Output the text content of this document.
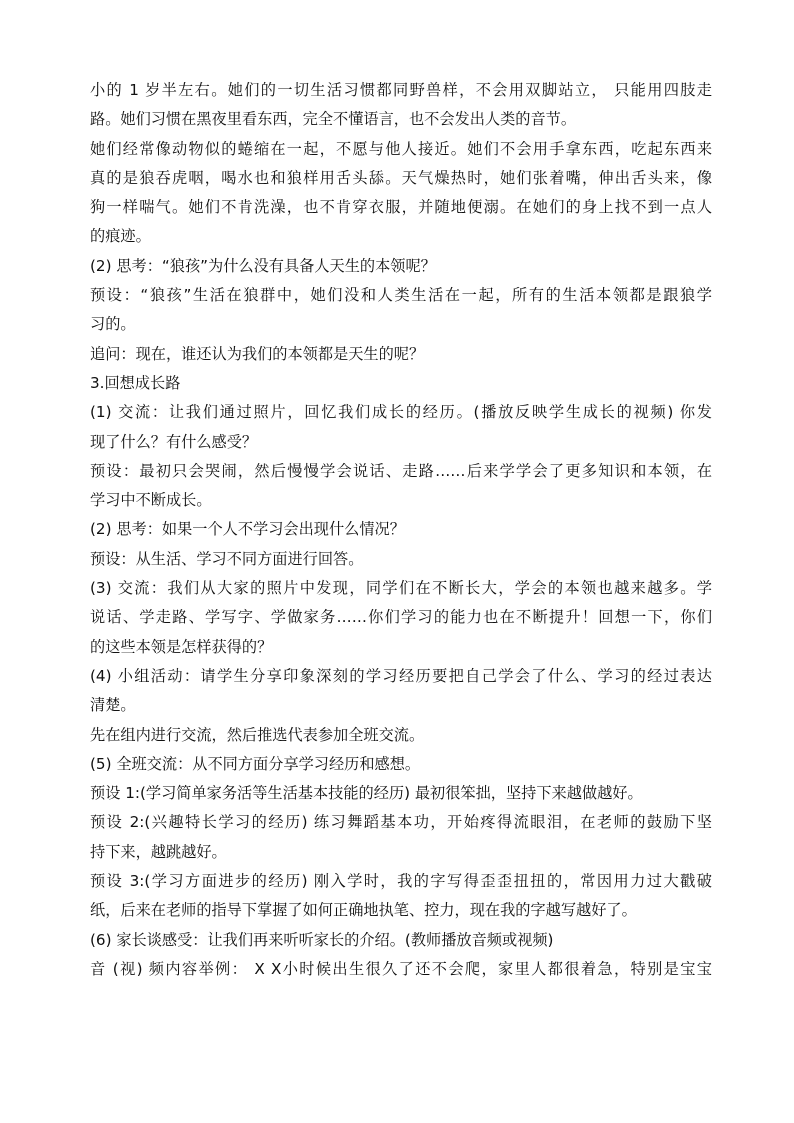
小的 1 岁半左右。她们的一切生活习惯都同野兽样，不会用双脚站立， 只能用四肢走
路。她们习惯在黑夜里看东西，完全不懂语言，也不会发出人类的音节。
她们经常像动物似的蜷缩在一起，不愿与他人接近。她们不会用手拿东西，吃起东西来
真的是狼吞虎咽，喝水也和狼样用舌头舔。天气燥热时，她们张着嘴，伸出舌头来，像
狗一样喘气。她们不肯洗澡，也不肯穿衣服，并随地便溺。在她们的身上找不到一点人
的痕迹。
(2) 思考：“狼孩”为什么没有具备人天生的本领呢？
预设：“狼孩”生活在狼群中，她们没和人类生活在一起，所有的生活本领都是跟狼学
习的。
追问：现在，谁还认为我们的本领都是天生的呢？
3.回想成长路
(1) 交流：让我们通过照片，回忆我们成长的经历。(播放反映学生成长的视频) 你发
现了什么？有什么感受？
预设：最初只会哭闹，然后慢慢学会说话、走路……后来学学会了更多知识和本领，在
学习中不断成长。
(2) 思考：如果一个人不学习会出现什么情况？
预设：从生活、学习不同方面进行回答。
(3) 交流：我们从大家的照片中发现，同学们在不断长大，学会的本领也越来越多。学
说话、学走路、学写字、学做家务……你们学习的能力也在不断提升！回想一下，你们
的这些本领是怎样获得的？
(4) 小组活动：请学生分享印象深刻的学习经历要把自己学会了什么、学习的经过表达
清楚。
先在组内进行交流，然后推选代表参加全班交流。
(5) 全班交流：从不同方面分享学习经历和感想。
预设 1:(学习简单家务活等生活基本技能的经历) 最初很笨拙，坚持下来越做越好。
预设 2:(兴趣特长学习的经历) 练习舞蹈基本功，开始疼得流眼泪，在老师的鼓励下坚
持下来，越跳越好。
预设 3:(学习方面进步的经历) 刚入学时，我的字写得歪歪扭扭的，常因用力过大戳破
纸，后来在老师的指导下掌握了如何正确地执笔、控力，现在我的字越写越好了。
(6) 家长谈感受：让我们再来听听家长的介绍。(教师播放音频或视频)
音 (视) 频内容举例： X X小时候出生很久了还不会爬，家里人都很着急，特别是宝宝
